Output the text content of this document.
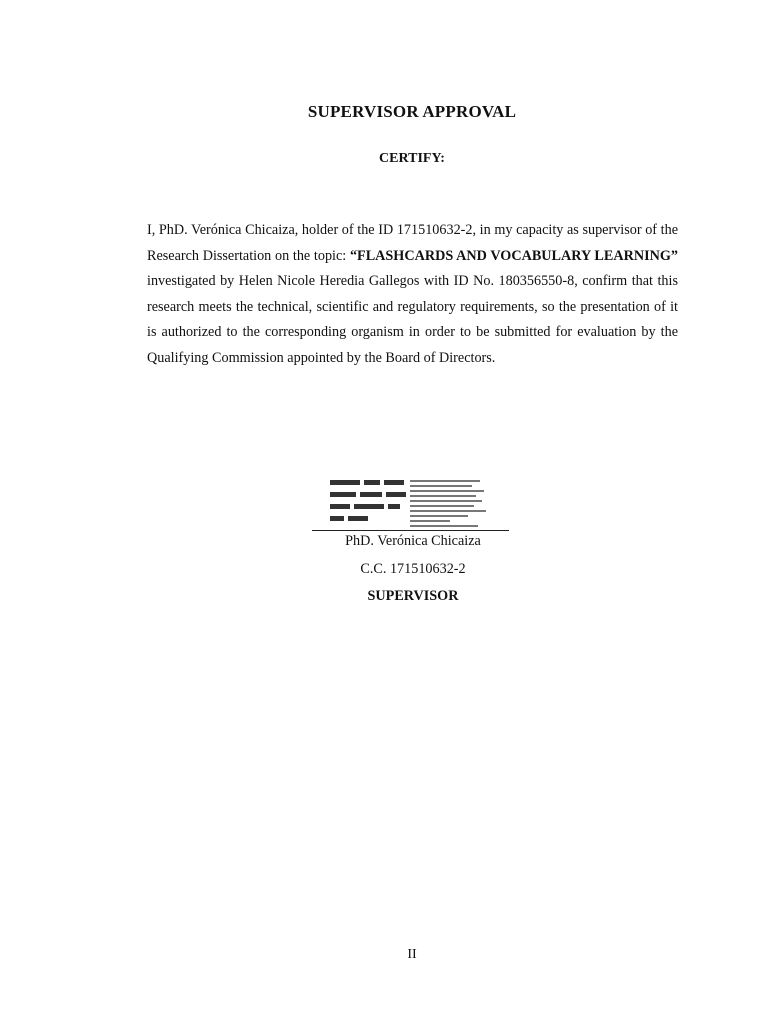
SUPERVISOR APPROVAL
CERTIFY:

I, PhD. Verónica Chicaiza, holder of the ID 171510632-2, in my capacity as supervisor of the Research Dissertation on the topic: “FLASHCARDS AND VOCABULARY LEARNING” investigated by Helen Nicole Heredia Gallegos with ID No. 180356550-8, confirm that this research meets the technical, scientific and regulatory requirements, so the presentation of it is authorized to the corresponding organism in order to be submitted for evaluation by the Qualifying Commission appointed by the Board of Directors.

PhD. Verónica Chicaiza
C.C. 171510632-2
SUPERVISOR
II
